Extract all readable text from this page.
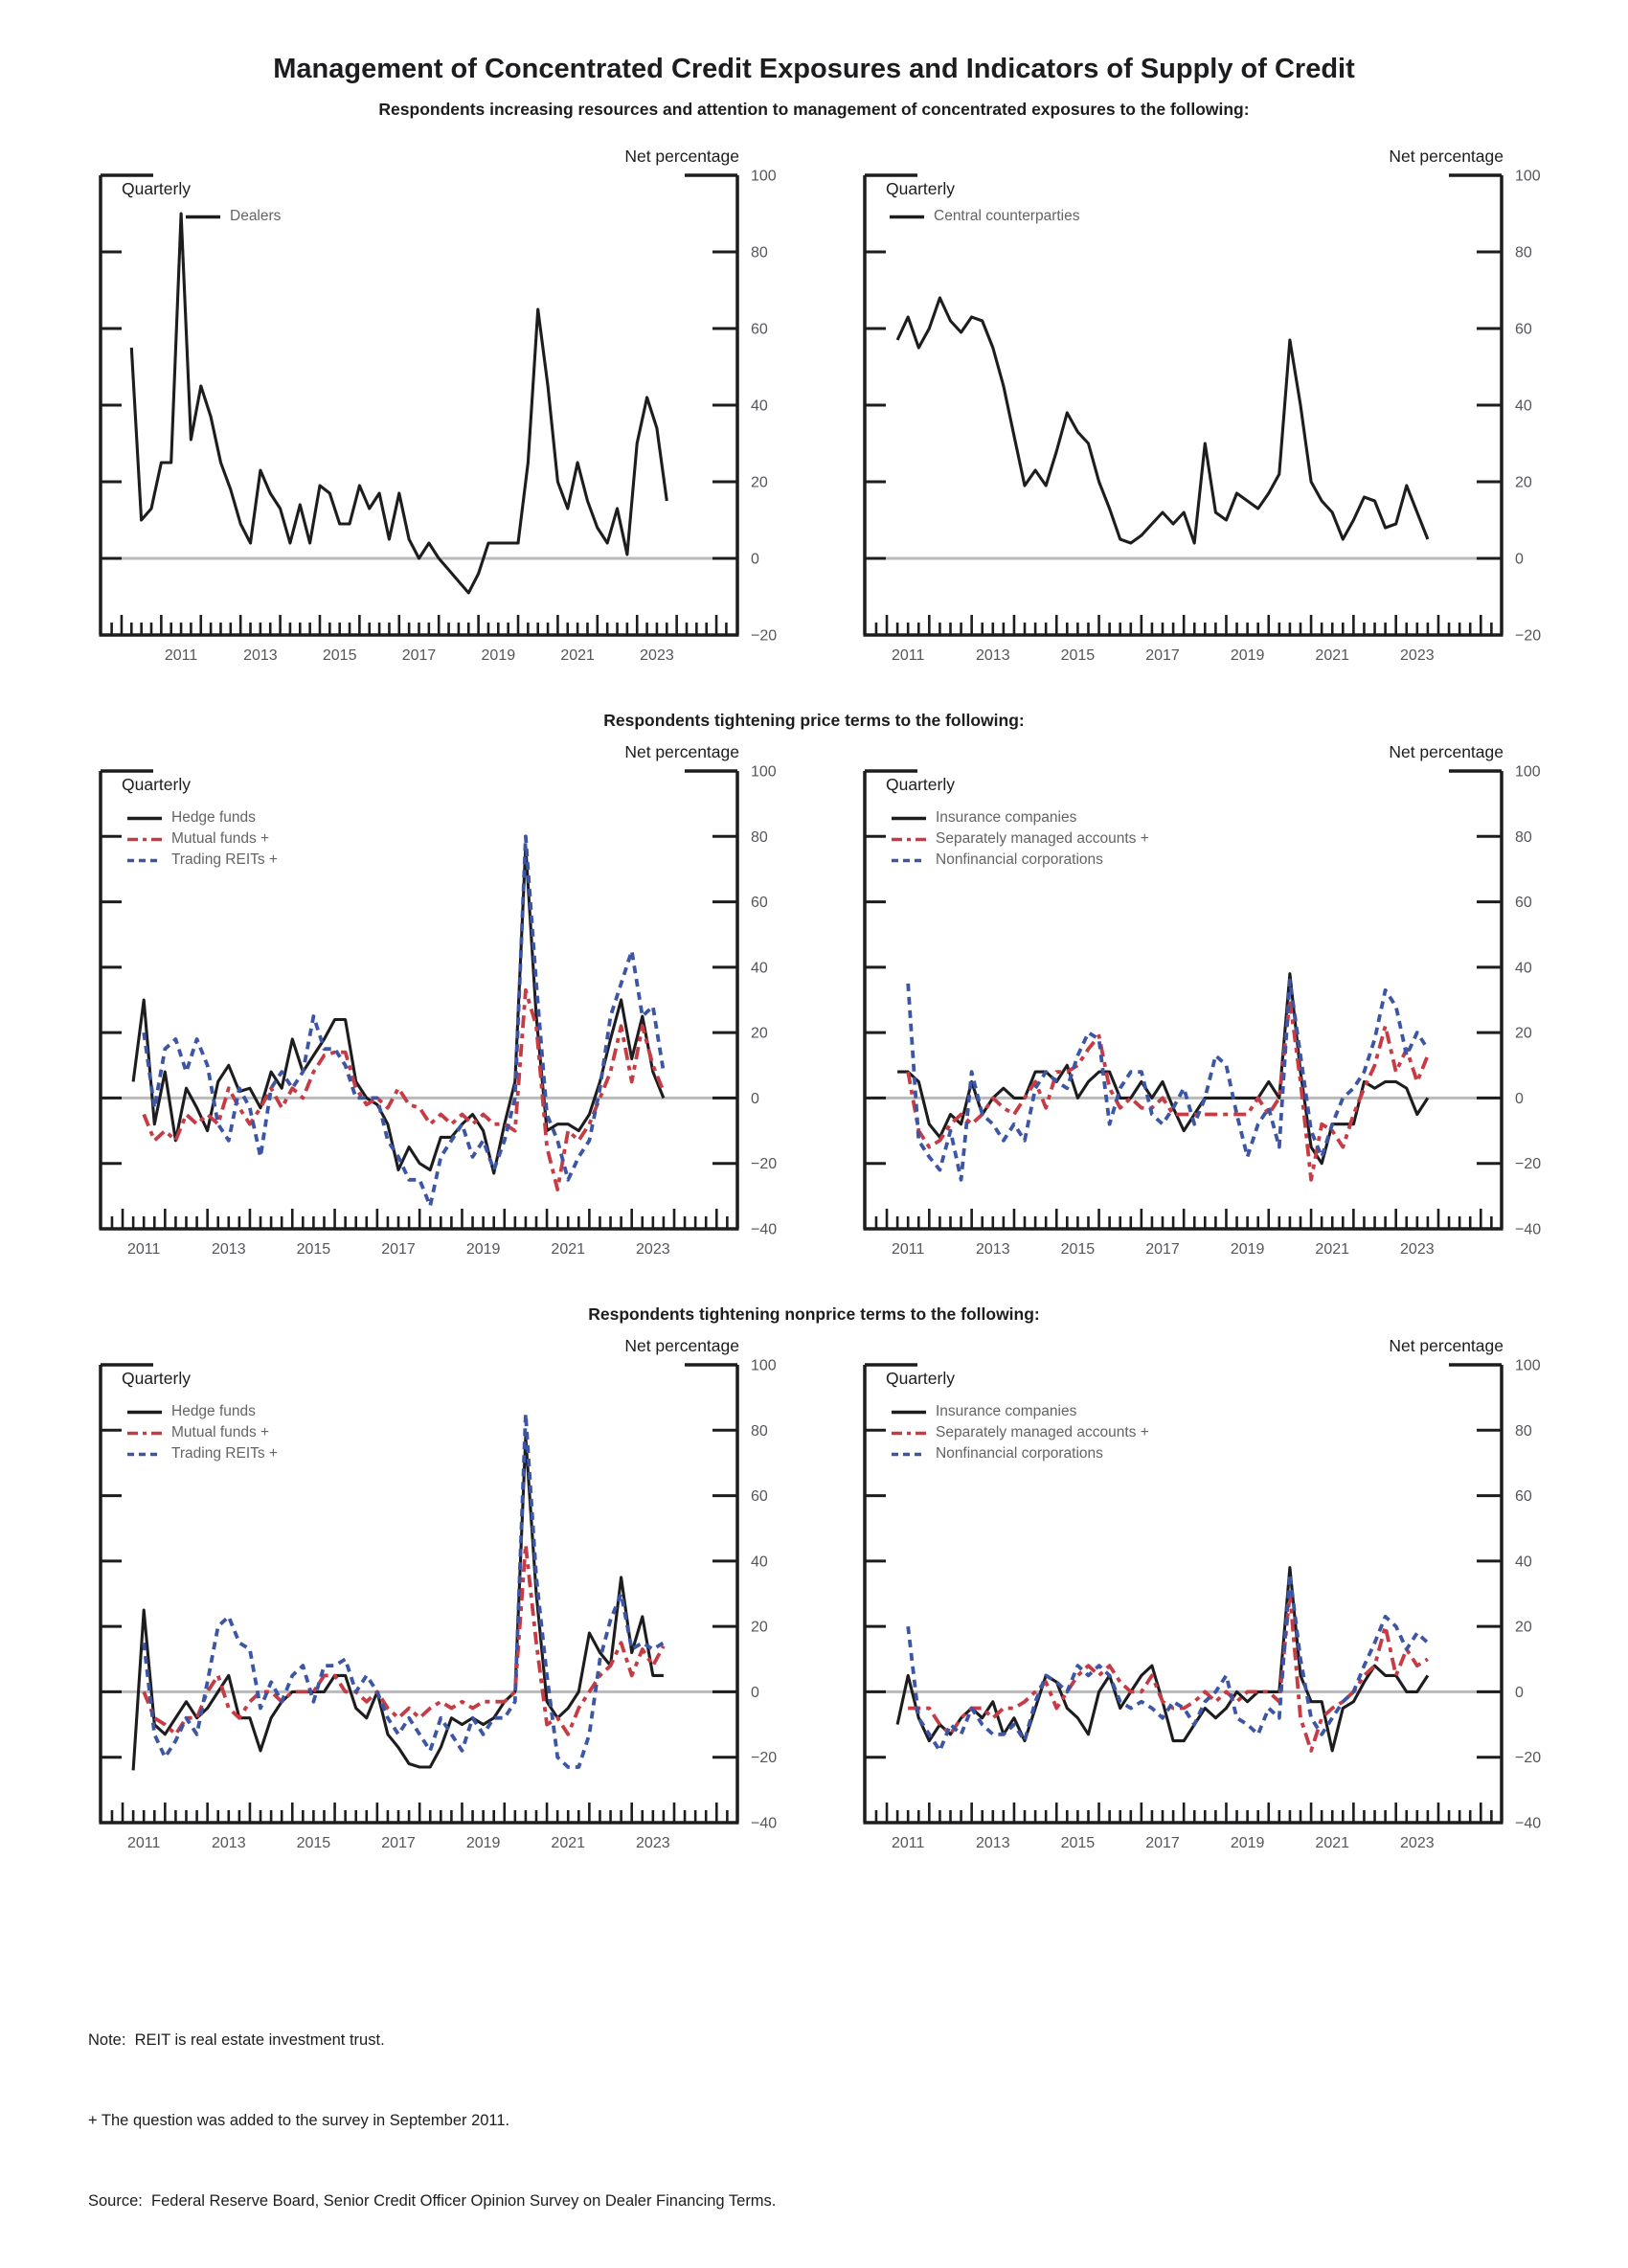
Management of Concentrated Credit Exposures and Indicators of Supply of Credit
Respondents increasing resources and attention to management of concentrated exposures to the following:
Respondents tightening price terms to the following:
Respondents tightening nonprice terms to the following:
Net percentage
Quarterly
Dealers
−20
0
20
40
60
80
100
2011	2013	2015	2017	2019	2021	2023
Net percentage
Quarterly
Central counterparties
−20
0
20
40
60
80
100
2011	2013	2015	2017	2019	2021	2023
Net percentage
Quarterly
Hedge funds
Mutual funds +
Trading REITs +
−40
−20
0
20
40
60
80
100
2011	2013	2015	2017	2019	2021	2023
Net percentage
Quarterly
Insurance companies
Separately managed accounts +
Nonfinancial corporations
−40
−20
0
20
40
60
80
100
2011	2013	2015	2017	2019	2021	2023
Net percentage
Quarterly
Hedge funds
Mutual funds +
Trading REITs +
−40
−20
0
20
40
60
80
100
2011	2013	2015	2017	2019	2021	2023
Net percentage
Quarterly
Insurance companies
Separately managed accounts +
Nonfinancial corporations
−40
−20
0
20
40
60
80
100
2011	2013	2015	2017	2019	2021	2023

Note:  REIT is real estate investment trust.

+ The question was added to the survey in September 2011.

Source:  Federal Reserve Board, Senior Credit Officer Opinion Survey on Dealer Financing Terms.
